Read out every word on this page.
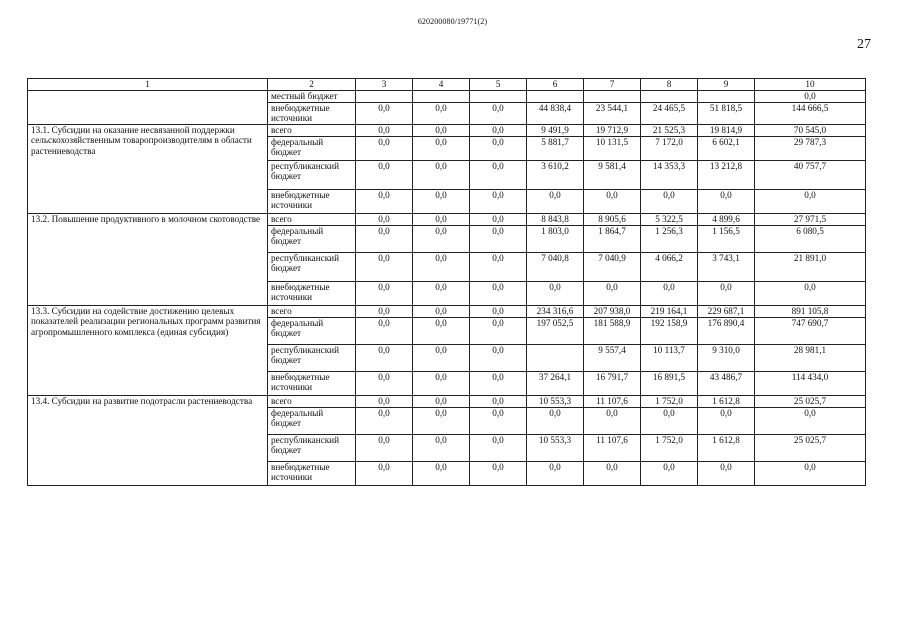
620200080/19771(2)
27
1	2	3	4	5	6	7	8	9	10
	местный бюджет								0,0
	внебюджетные источники	0,0	0,0	0,0	44 838,4	23 544,1	24 465,5	51 818,5	144 666,5
13.1. Субсидии на оказание несвязанной поддержки сельскохозяйственным товаропроизводителям в области растениеводства	всего	0,0	0,0	0,0	9 491,9	19 712,9	21 525,3	19 814,9	70 545,0
	федеральный бюджет	0,0	0,0	0,0	5 881,7	10 131,5	7 172,0	6 602,1	29 787,3
	республиканский бюджет	0,0	0,0	0,0	3 610,2	9 581,4	14 353,3	13 212,8	40 757,7
	внебюджетные источники	0,0	0,0	0,0	0,0	0,0	0,0	0,0	0,0
13.2. Повышение продуктивного в молочном скотоводстве	всего	0,0	0,0	0,0	8 843,8	8 905,6	5 322,5	4 899,6	27 971,5
	федеральный бюджет	0,0	0,0	0,0	1 803,0	1 864,7	1 256,3	1 156,5	6 080,5
	республиканский бюджет	0,0	0,0	0,0	7 040,8	7 040,9	4 066,2	3 743,1	21 891,0
	внебюджетные источники	0,0	0,0	0,0	0,0	0,0	0,0	0,0	0,0
13.3. Субсидии на содействие достижению целевых показателей реализации региональных программ развития агропромышленного комплекса (единая субсидия)	всего	0,0	0,0	0,0	234 316,6	207 938,0	219 164,1	229 687,1	891 105,8
	федеральный бюджет	0,0	0,0	0,0	197 052,5	181 588,9	192 158,9	176 890,4	747 690,7
	республиканский бюджет	0,0	0,0	0,0		9 557,4	10 113,7	9 310,0	28 981,1
	внебюджетные источники	0,0	0,0	0,0	37 264,1	16 791,7	16 891,5	43 486,7	114 434,0
13.4. Субсидии на развитие подотрасли растениеводства	всего	0,0	0,0	0,0	10 553,3	11 107,6	1 752,0	1 612,8	25 025,7
	федеральный бюджет	0,0	0,0	0,0	0,0	0,0	0,0	0,0	0,0
	республиканский бюджет	0,0	0,0	0,0	10 553,3	11 107,6	1 752,0	1 612,8	25 025,7
	внебюджетные источники	0,0	0,0	0,0	0,0	0,0	0,0	0,0	0,0
